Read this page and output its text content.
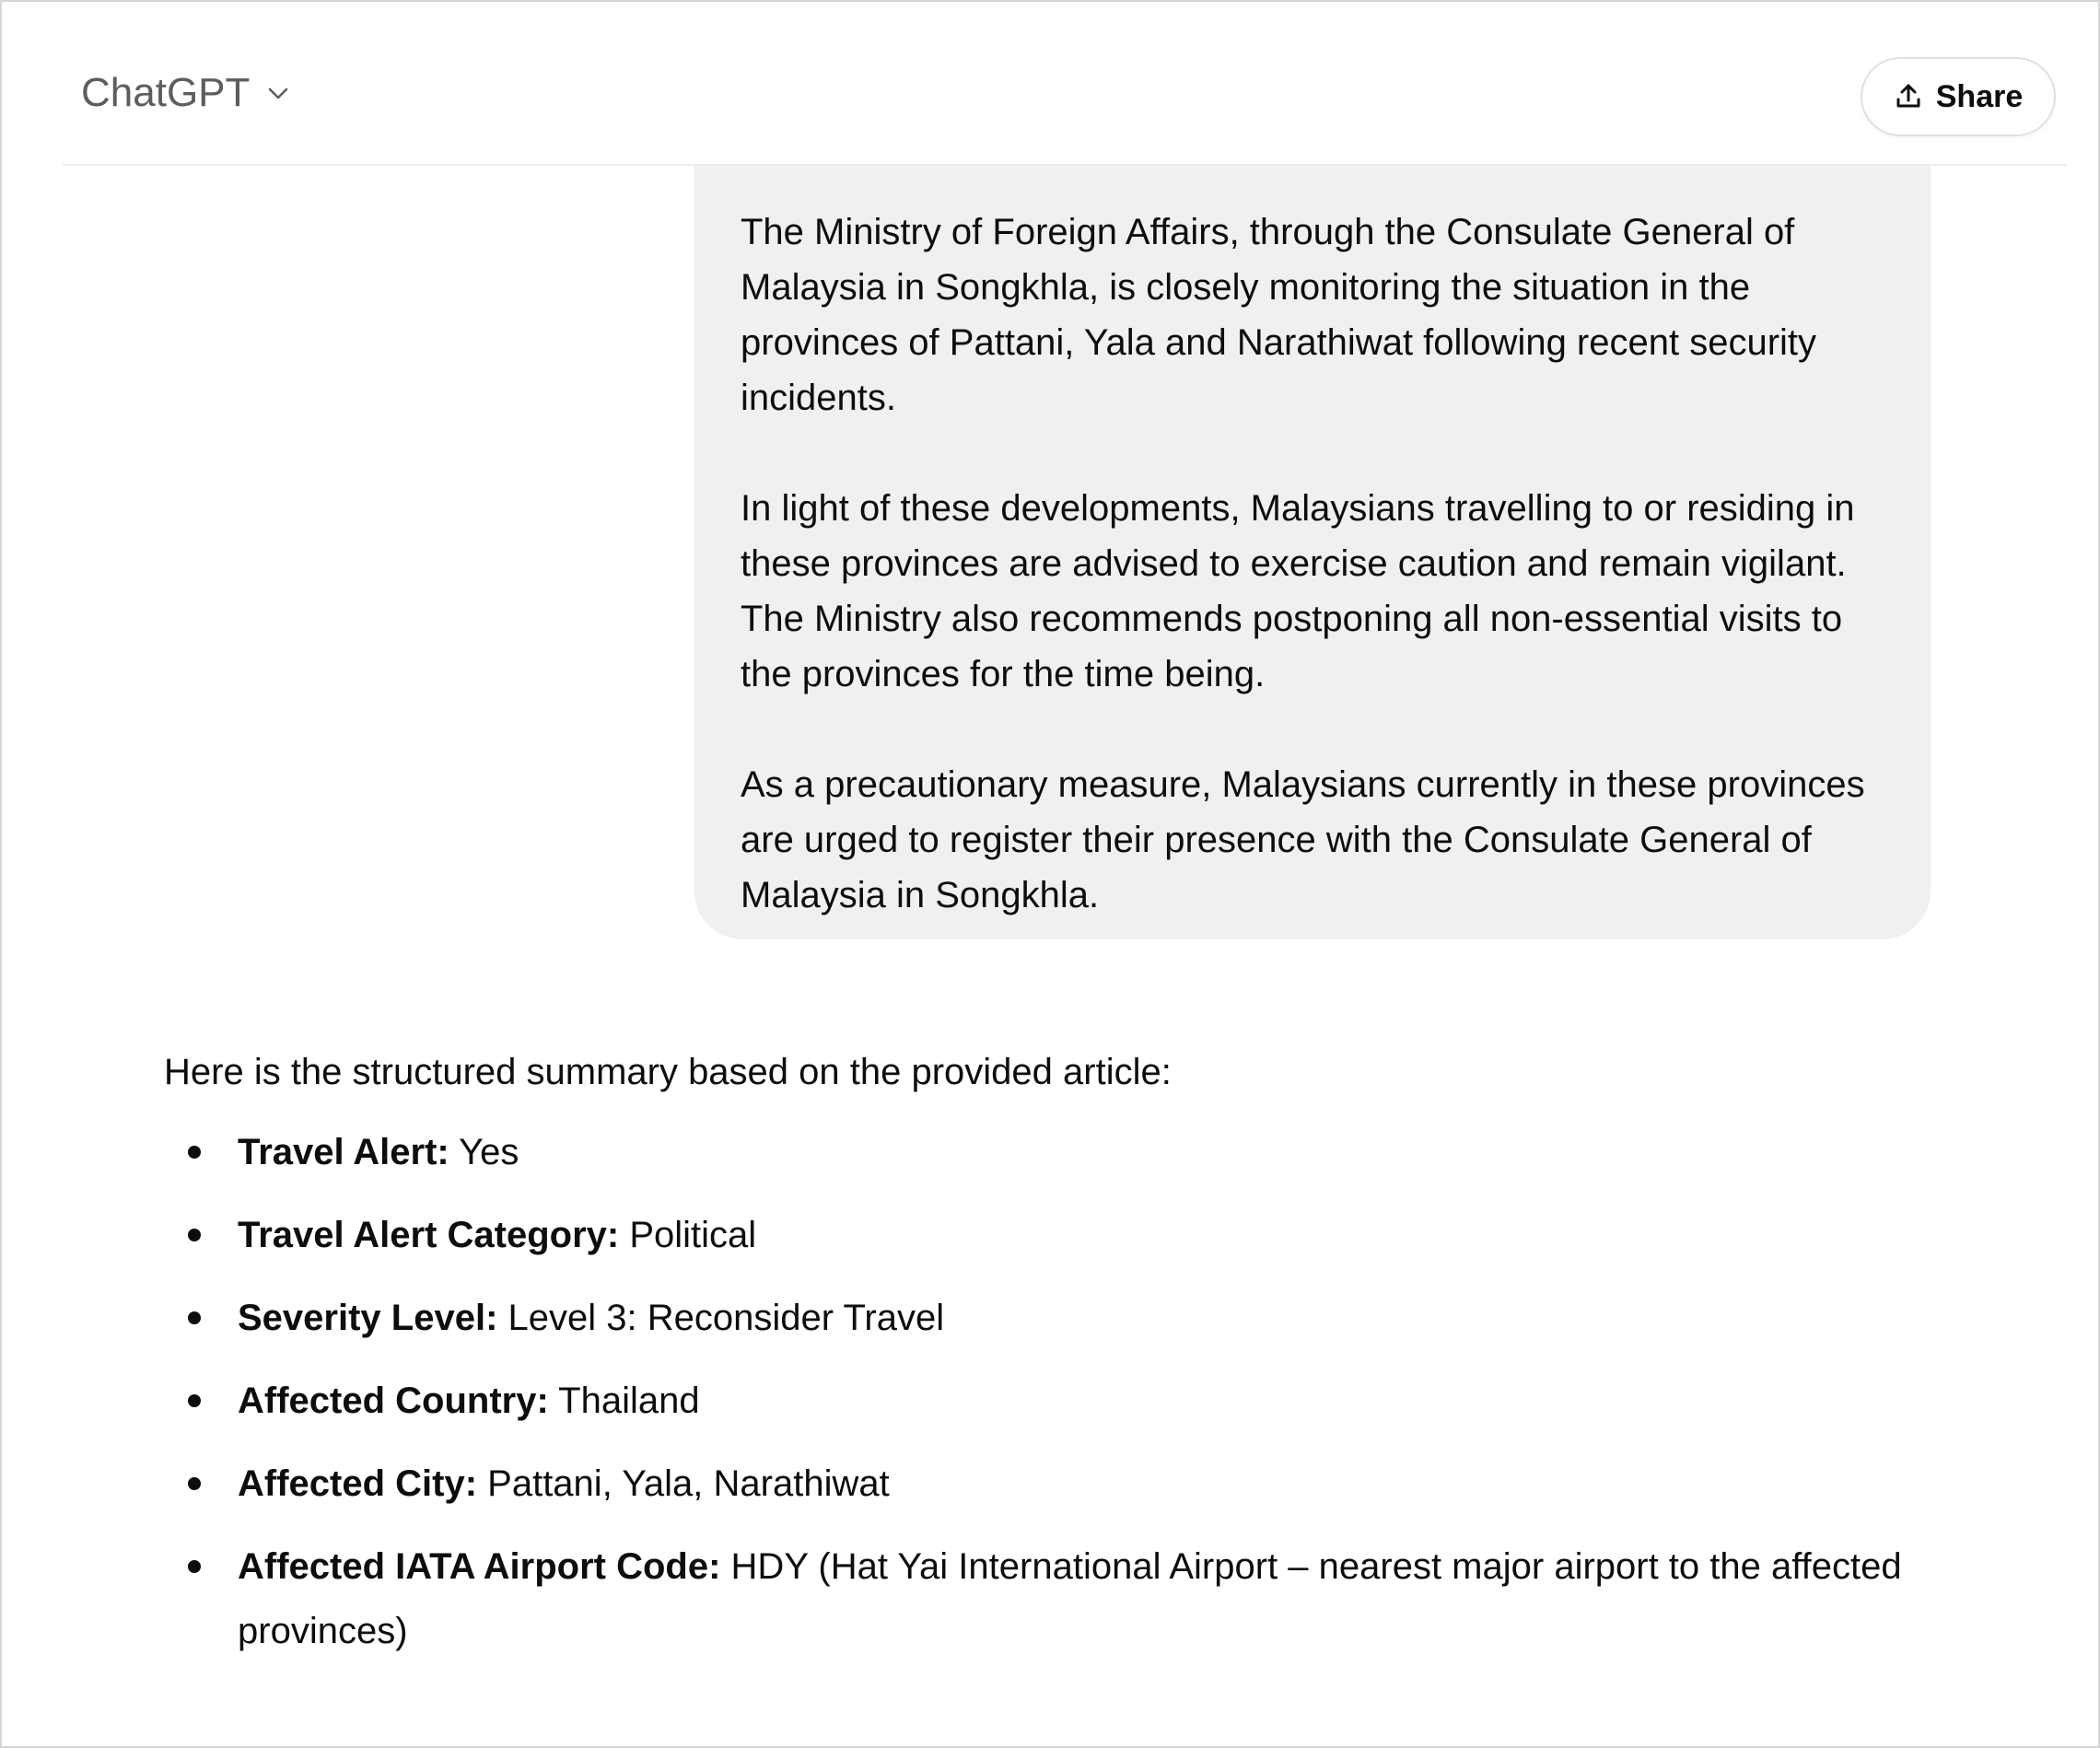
ChatGPT	Share

The Ministry of Foreign Affairs, through the Consulate General of Malaysia in Songkhla, is closely monitoring the situation in the provinces of Pattani, Yala and Narathiwat following recent security incidents.

In light of these developments, Malaysians travelling to or residing in these provinces are advised to exercise caution and remain vigilant. The Ministry also recommends postponing all non-essential visits to the provinces for the time being.

As a precautionary measure, Malaysians currently in these provinces are urged to register their presence with the Consulate General of Malaysia in Songkhla.

Here is the structured summary based on the provided article:

Travel Alert: Yes
Travel Alert Category: Political
Severity Level: Level 3: Reconsider Travel
Affected Country: Thailand
Affected City: Pattani, Yala, Narathiwat
Affected IATA Airport Code: HDY (Hat Yai International Airport – nearest major airport to the affected provinces)
